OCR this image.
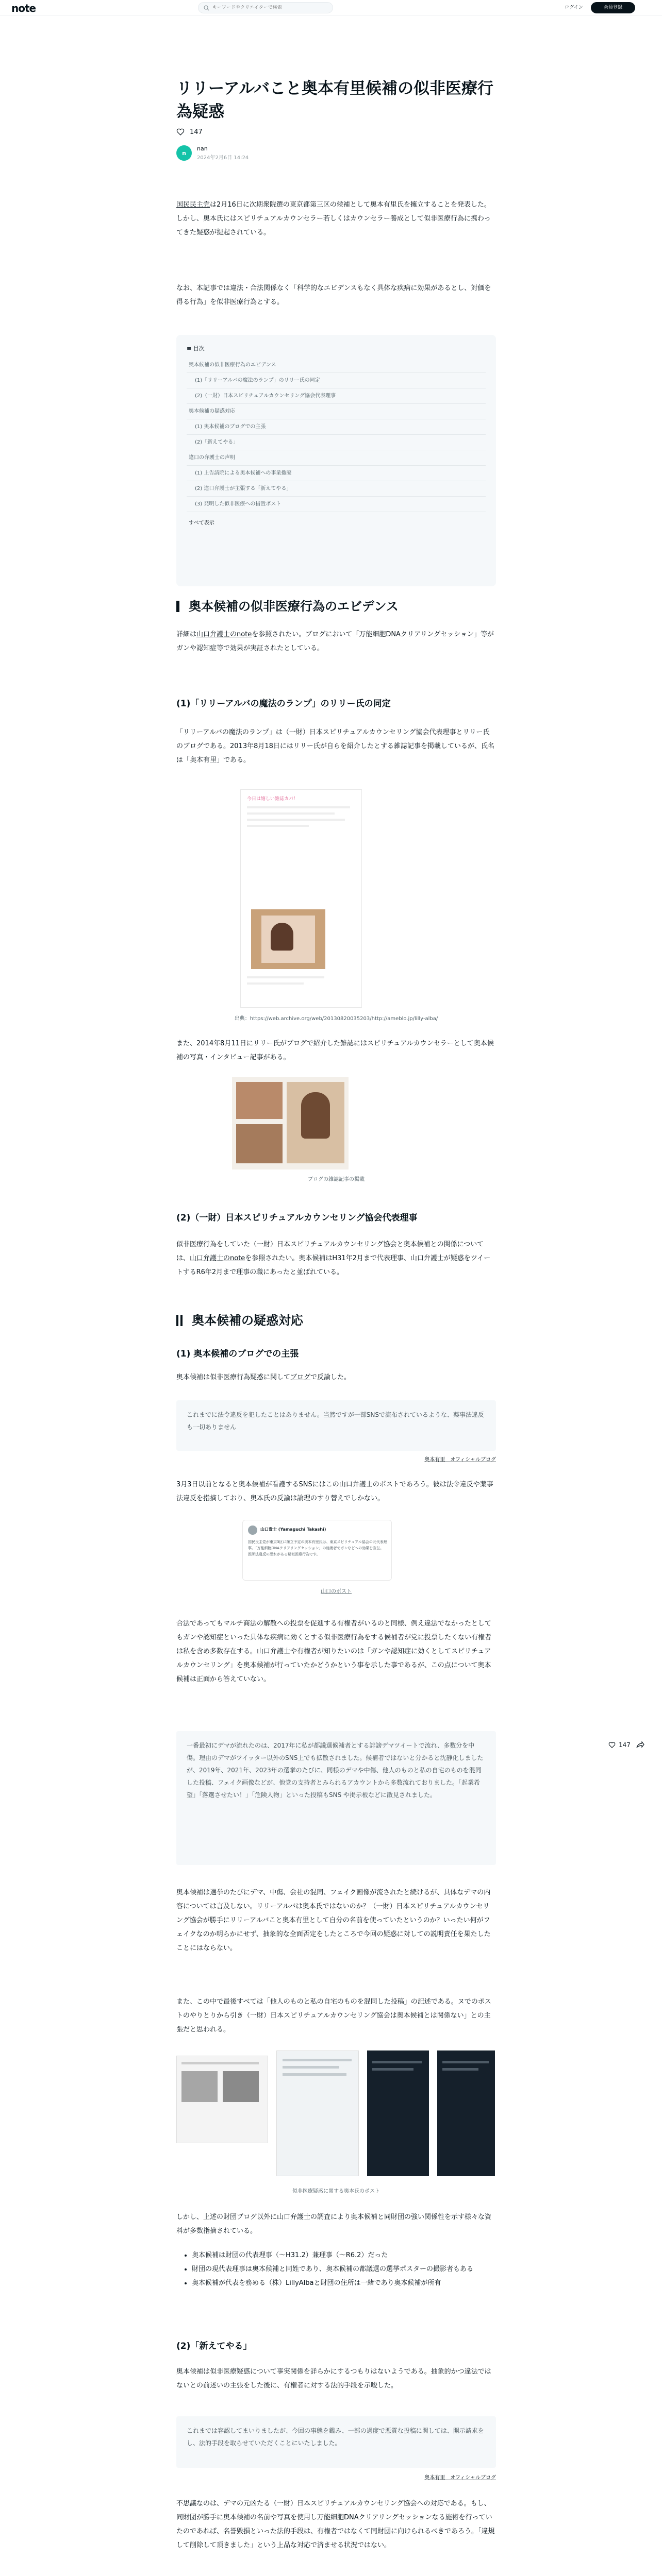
note
キーワードやクリエイターで検索	ログイン	会員登録
リリーアルバこと奥本有里候補の似非医療行為疑惑
147
n
nan
2024年2月6日 14:24
国民民主党は2月16日に次期衆院選の東京都第三区の候補として奥本有里氏を擁立することを発表した。しかし、奥本氏にはスピリチュアルカウンセラー若しくはカウンセラー養成として似非医療行為に携わってきた疑惑が提起されている。
なお、本記事では違法・合法関係なく「科学的なエビデンスもなく具体な疾病に効果があるとし、対価を得る行為」を似非医療行為とする。
≡ 目次
奥本候補の似非医療行為のエビデンス
(1)「リリーアルバの魔法のランプ」のリリー氏の同定
(2)（一財）日本スピリチュアルカウンセリング協会代表理事
奥本候補の疑惑対応
(1) 奥本候補のブログでの主張
(2)「新えてやる」
違口の弁護士の声明
(1) 上告請院による奥本候補への事業撤廃
(2) 違口弁護士が主張する「新えてやる」
(3) 発明した似非医療への措置ポスト
すべて表示
奥本候補の似非医療行為のエビデンス
詳細は山口弁護士のnoteを参照されたい。ブログにおいて「万能細胞DNAクリアリングセッション」等がガンや認知症等で効果が実証されたとしている。
(1)「リリーアルバの魔法のランプ」のリリー氏の同定
「リリーアルバの魔法のランプ」は（一財）日本スピリチュアルカウンセリング協会代表理事とリリー氏のブログである。2013年8月18日にはリリー氏が自らを紹介したとする雑誌記事を掲載しているが、氏名は「奥本有里」である。
今日は嬉しい雑誌カバ！
出典：https://web.archive.org/web/20130820035203/http://ameblo.jp/lilly-alba/
また、2014年8月11日にリリー氏がブログで紹介した雑誌にはスピリチュアルカウンセラーとして奥本候補の写真・インタビュー記事がある。
ブログの雑誌記事の掲載
(2)（一財）日本スピリチュアルカウンセリング協会代表理事
似非医療行為をしていた（一財）日本スピリチュアルカウンセリング協会と奥本候補との関係については、山口弁護士のnoteを参照されたい。奥本候補はH31年2月まで代表理事、山口弁護士が疑惑をツイートするR6年2月まで理事の職にあったと並ばれている。
奥本候補の疑惑対応
(1) 奥本候補のブログでの主張
奥本候補は似非医療行為疑惑に関してブログで反論した。
これまでに法令違反を犯したことはありません。当然ですが一部SNSで流布されているような、薬事法違反も一切ありません
奥本有里　オフィシャルブログ
3月3日以前となると奥本候補が看護するSNSにはこの山口弁護士のポストであろう。彼は法令違反や薬事法違反を指摘しており、奥本氏の反論は論理のすり替えでしかない。
山口貴士 (Yamaguchi Takashi)
国民民主党が東京3区に擁立予定の奥本有里氏は、東京スピリチュアル協会の元代表理事。「万能細胞DNAクリアリングセッション」の施術者でガンなどへの効果を宣伝。医師法違反の恐れがある疑似医療行為です。
山口のポスト
合法であってもマルチ商法の解散への投票を促進する有権者がいるのと同様、例え違法でなかったとしてもガンや認知症といった具体な疾病に効くとする似非医療行為をする候補者が党に投票したくない有権者は私を含め多数存在する。山口弁護士や有権者が知りたいのは「ガンや認知症に効くとしてスピリチュアルカウンセリング」を奥本候補が行っていたかどうかという事を示した事であるが、この点について奥本候補は正面から答えていない。
一番最初にデマが流れたのは、2017年に私が都議選候補者とする誹謗デマツイートで流れ、多数分を中傷。理由のデマがツイッター以外のSNS上でも拡散されました。候補者ではないと分かると沈静化しましたが、2019年、2021年、2023年の選挙のたびに、同様のデマや中傷、他人のものと私の自宅のものを混同した投稿、フェイク画像などが、他党の支持者とみられるアカウントから多数流れておりました。「起業希望」「落選させたい！」「危険人物」といった投稿もSNS や掲示板などに散見されました。
奥本候補は選挙のたびにデマ、中傷、会社の混同、フェイク画像が流されたと続けるが、具体なデマの内容については言及しない。リリーアルバは奥本氏ではないのか？（一財）日本スピリチュアルカウンセリング協会が勝手にリリーアルバこと奥本有里として自分の名前を使っていたというのか？いったい何がフェイクなのか明らかにせず、抽象的な全面否定をしたところで今回の疑惑に対しての説明責任を果たしたことにはならない。
また、この中で最後すべては「他人のものと私の自宅のものを混同した投稿」の記述である。ヌでのポストのやりとりから引き（一財）日本スピリチュアルカウンセリング協会は奥本候補とは関係ない」との主張だと思われる。
似非医療疑惑に関する奥本氏のポスト
しかし、上述の財団ブログ以外に山口弁護士の調査により奥本候補と同財団の強い関係性を示す様々な資料が多数指摘されている。
• 奥本候補は財団の代表理事（〜H31.2）兼理事（〜R6.2）だった
• 財団の現代表理事は奥本候補と同姓であり、奥本候補の都議選の選挙ポスターの撮影者もある
• 奥本候補が代表を務める（株）LillyAlbaと財団の住所は一緒であり奥本候補が所有
(2)「新えてやる」
奥本候補は似非医療疑惑について事実関係を詳らかにするつもりはないようである。抽象的かつ違法ではないとの前述いの主張をした後に、有権者に対する法的手段を示唆した。
これまでは容認してまいりましたが、今回の事態を鑑み、一部の過度で悪質な投稿に関しては、開示請求をし、法的手段を取らせていただくことにいたしました。
奥本有里　オフィシャルブログ
不思議なのは、デマの元凶たる（一財）日本スピリチュアルカウンセリング協会への対応である。もし、同財団が勝手に奥本候補の名前や写真を使用し万能細胞DNAクリアリングセッションなる施術を行っていたのであれば、名誉毀損といった法的手段は、有権者ではなくて同財団に向けられるべきであろう。「違規して削除して頂きました」という上品な対応で済ませる状況ではない。
147
